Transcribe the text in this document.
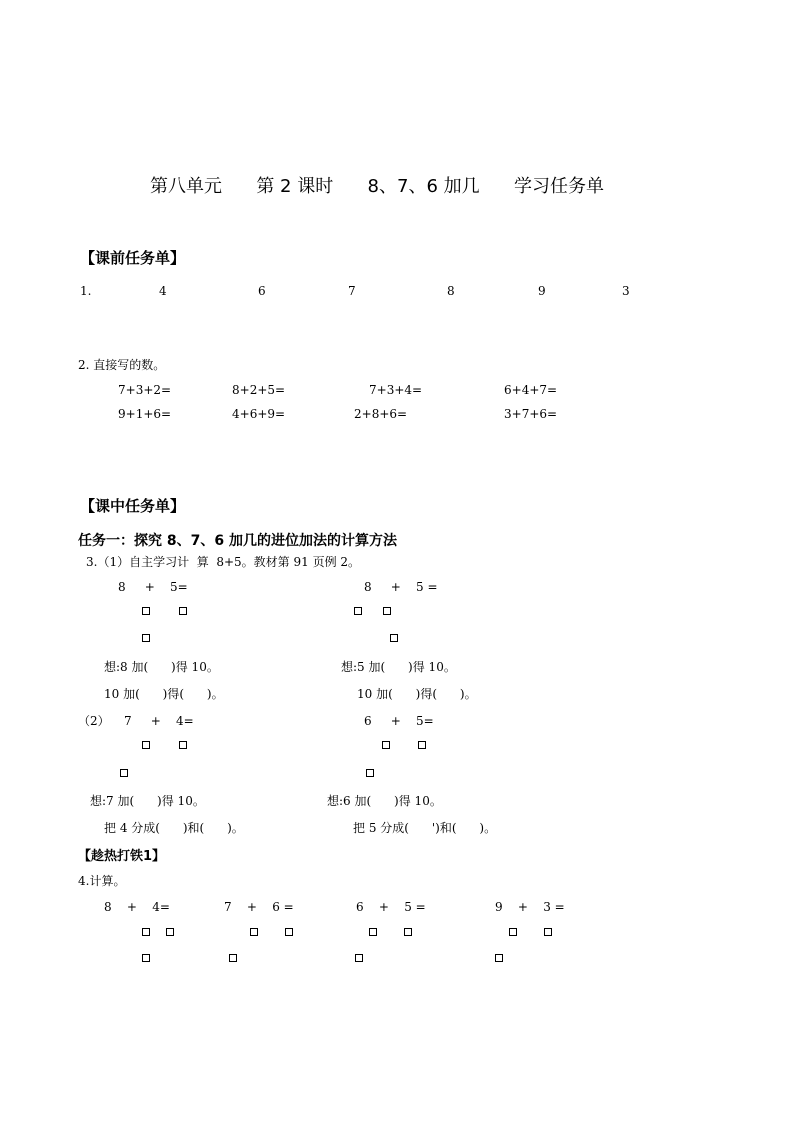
第八单元      第 2 课时      8、7、6 加几      学习任务单
【课前任务单】
1.	4	6	7	8	9	3
2. 直接写的数。
7+3+2=	8+2+5=	7+3+4=	6+4+7=
9+1+6=	4+6+9=	2+8+6=	3+7+6=
【课中任务单】
任务一：探究 8、7、6 加几的进位加法的计算方法
3.（1）自主学习计  算  8+5。教材第 91 页例 2。
8     +    5=	8     +    5 =
想:8 加(      )得 10。
10 加(      )得(      )。
想:5 加(      )得 10。
10 加(      )得(      )。
（2） 7     +    4=	6     +    5=
想:7 加(      )得 10。
把 4 分成(      )和(      )。
想:6 加(      )得 10。
把 5 分成(      ')和(      )。
【趁热打铁1】
4.计算。
8    +    4=	7    +    6 =	6    +    5 =	9    +    3 =
